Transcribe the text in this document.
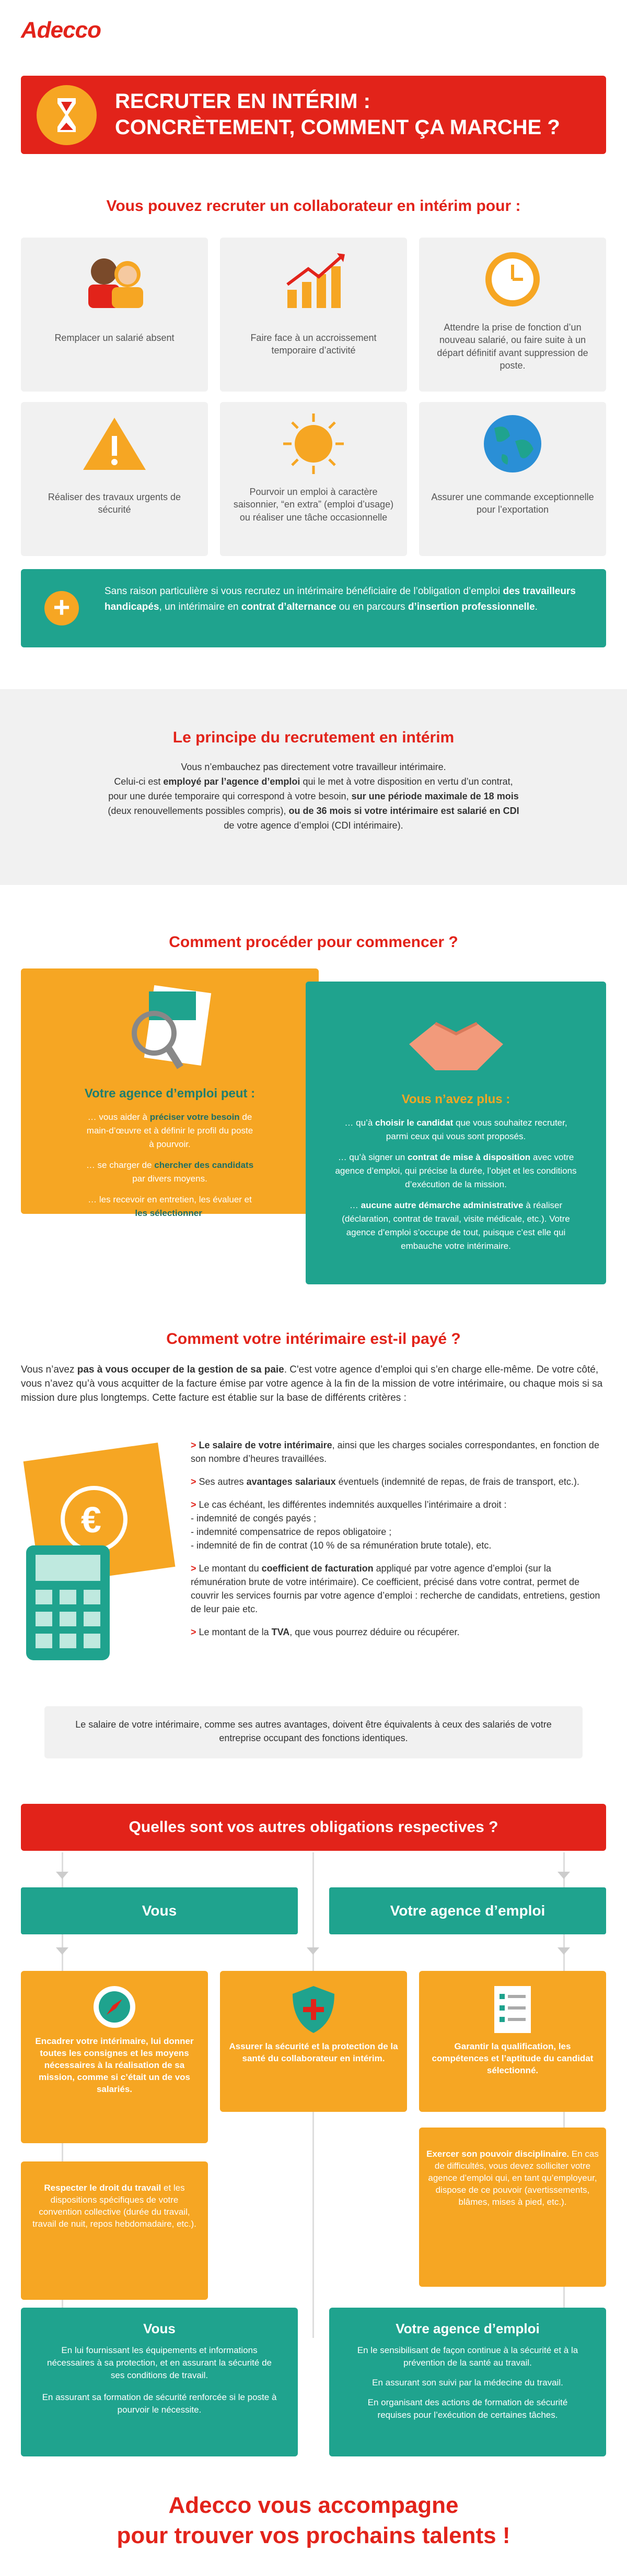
Adecco
RECRUTER EN INTÉRIM :
CONCRÈTEMENT, COMMENT ÇA MARCHE ?
Vous pouvez recruter un collaborateur en intérim pour :

Remplacer un salarié absent	Faire face à un accroissement temporaire d’activité

Attendre la prise de fonction d’un nouveau salarié, ou faire suite à un départ définitif avant suppression de poste.

Réaliser des travaux urgents de sécurité

Pourvoir un emploi à caractère saisonnier, “en extra” (emploi d’usage) ou réaliser une tâche occasionnelle

Assurer une commande exceptionnelle pour l’exportation

+	Sans raison particulière si vous recrutez un intérimaire bénéficiaire de l’obligation d’emploi des travailleurs handicapés, un intérimaire en contrat d’alternance ou en parcours d’insertion professionnelle.

Le principe du recrutement en intérim
Vous n’embauchez pas directement votre travailleur intérimaire.
Celui-ci est employé par l’agence d’emploi qui le met à votre disposition en vertu d’un contrat,
pour une durée temporaire qui correspond à votre besoin, sur une période maximale de 18 mois
(deux renouvellements possibles compris), ou de 36 mois si votre intérimaire est salarié en CDI
de votre agence d’emploi (CDI intérimaire).
Comment procéder pour commencer ?
Votre agence d’emploi peut :

… vous aider à préciser votre besoin de main-d’œuvre et à définir le profil du poste à pourvoir.

… se charger de chercher des candidats par divers moyens.

… les recevoir en entretien, les évaluer et les sélectionner.

Vous n’avez plus :

… qu’à choisir le candidat que vous souhaitez recruter, parmi ceux qui vous sont proposés.

… qu’à signer un contrat de mise à disposition avec votre agence d’emploi, qui précise la durée, l’objet et les conditions d’exécution de la mission.

… aucune autre démarche administrative à réaliser (déclaration, contrat de travail, visite médicale, etc.). Votre agence d’emploi s’occupe de tout, puisque c’est elle qui embauche votre intérimaire.

Comment votre intérimaire est-il payé ?

Vous n’avez pas à vous occuper de la gestion de sa paie. C'est votre agence d’emploi qui s’en charge elle-même. De votre côté, vous n’avez qu’à vous acquitter de la facture émise par votre agence à la fin de la mission de votre intérimaire, ou chaque mois si sa mission dure plus longtemps. Cette facture est établie sur la base de différents critères :

€

> Le salaire de votre intérimaire, ainsi que les charges sociales correspondantes, en fonction de son nombre d’heures travaillées.

> Ses autres avantages salariaux éventuels (indemnité de repas, de frais de transport, etc.).

> Le cas échéant, les différentes indemnités auxquelles l’intérimaire a droit :
- indemnité de congés payés ;
- indemnité compensatrice de repos obligatoire ;
- indemnité de fin de contrat (10 % de sa rémunération brute totale), etc.

> Le montant du coefficient de facturation appliqué par votre agence d’emploi (sur la rémunération brute de votre intérimaire). Ce coefficient, précisé dans votre contrat, permet de couvrir les services fournis par votre agence d’emploi : recherche de candidats, entretiens, gestion de leur paie etc.

> Le montant de la TVA, que vous pourrez déduire ou récupérer.

Le salaire de votre intérimaire, comme ses autres avantages, doivent être équivalents à ceux des salariés de votre entreprise occupant des fonctions identiques.
Quelles sont vos autres obligations respectives ?
Vous	Votre agence d’emploi
Encadrer votre intérimaire, lui donner toutes les consignes et les moyens nécessaires à la réalisation de sa mission, comme si c’était un de vos salariés.
Assurer la sécurité et la protection de la santé du collaborateur en intérim.
Garantir la qualification, les compétences et l’aptitude du candidat sélectionné.
Respecter le droit du travail et les dispositions spécifiques de votre convention collective (durée du travail, travail de nuit, repos hebdomadaire, etc.).
Exercer son pouvoir disciplinaire. En cas de difficultés, vous devez solliciter votre agence d’emploi qui, en tant qu’employeur, dispose de ce pouvoir (avertissements, blâmes, mises à pied, etc.).
Vous

En lui fournissant les équipements et informations nécessaires à sa protection, et en assurant la sécurité de ses conditions de travail.

En assurant sa formation de sécurité renforcée si le poste à pourvoir le nécessite.

Votre agence d’emploi

En le sensibilisant de façon continue à la sécurité et à la prévention de la santé au travail.

En assurant son suivi par la médecine du travail.

En organisant des actions de formation de sécurité requises pour l’exécution de certaines tâches.

Adecco vous accompagne
pour trouver vos prochains talents !
